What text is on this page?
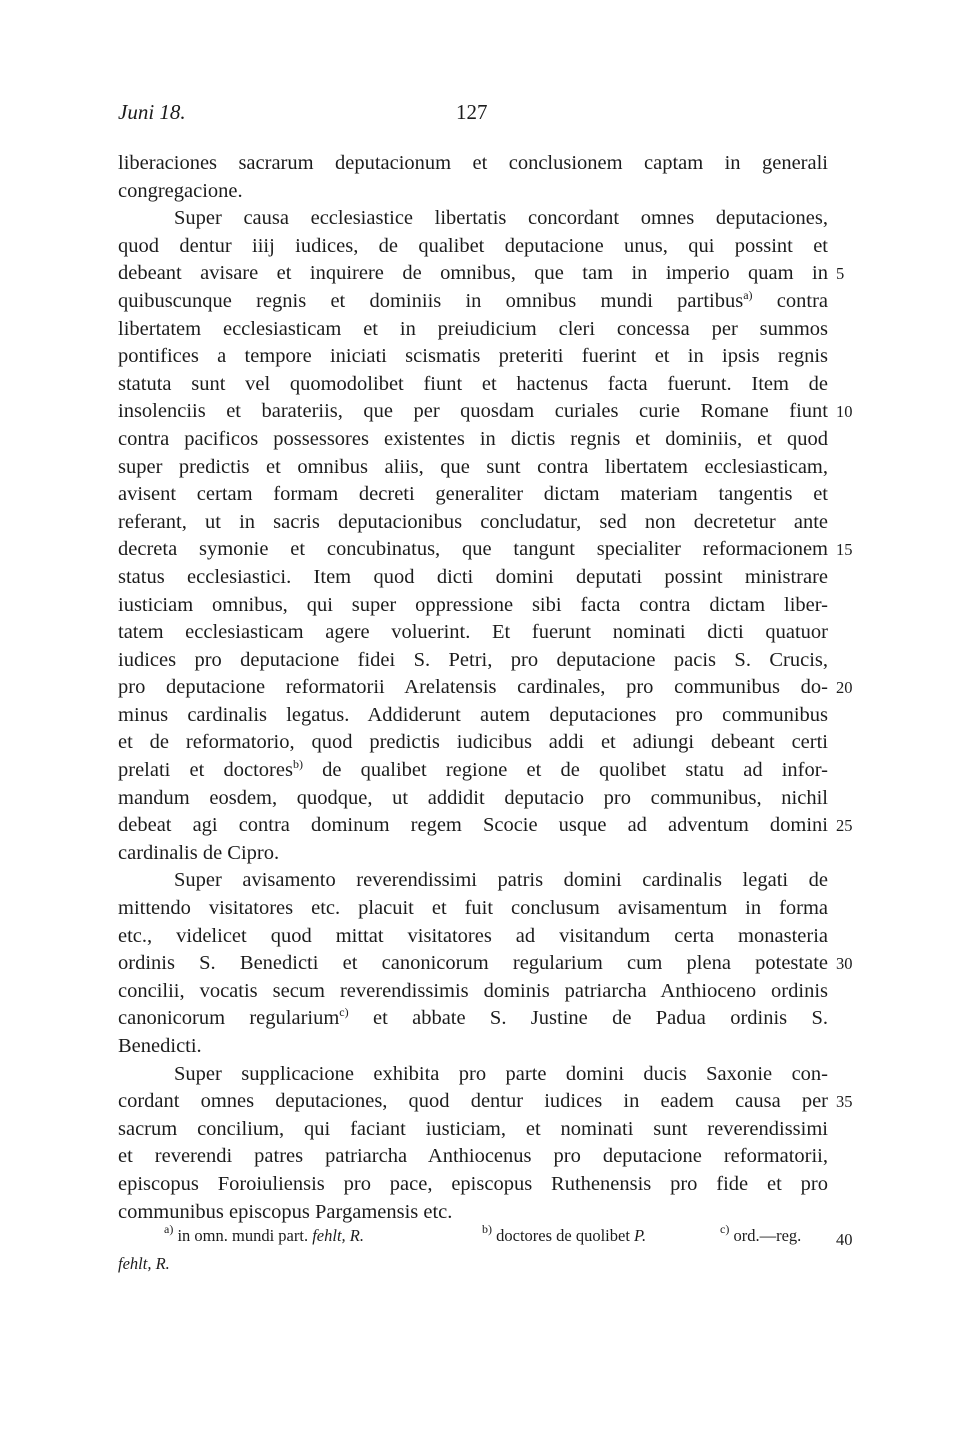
Juni 18.	127
liberaciones sacrarum deputacionum et conclusionem captam in generali
congregacione.
Super causa ecclesiastice libertatis concordant omnes deputaciones,
quod dentur iiij iudices, de qualibet deputacione unus, qui possint et
debeant avisare et inquirere de omnibus, que tam in imperio quam in
quibuscunque regnis et dominiis in omnibus mundi partibus$^{a)}$ contra
libertatem ecclesiasticam et in preiudicium cleri concessa per summos
pontifices a tempore iniciati scismatis preteriti fuerint et in ipsis regnis
statuta sunt vel quomodolibet fiunt et hactenus facta fuerunt. Item de
insolenciis et barateriis, que per quosdam curiales curie Romane fiunt
contra pacificos possessores existentes in dictis regnis et dominiis, et quod
super predictis et omnibus aliis, que sunt contra libertatem ecclesiasticam,
avisent certam formam decreti generaliter dictam materiam tangentis et
referant, ut in sacris deputacionibus concludatur, sed non decretetur ante
decreta symonie et concubinatus, que tangunt specialiter reformacionem
status ecclesiastici. Item quod dicti domini deputati possint ministrare
iusticiam omnibus, qui super oppressione sibi facta contra dictam liber-
tatem ecclesiasticam agere voluerint. Et fuerunt nominati dicti quatuor
iudices pro deputacione fidei S. Petri, pro deputacione pacis S. Crucis,
pro deputacione reformatorii Arelatensis cardinales, pro communibus do-
minus cardinalis legatus. Addiderunt autem deputaciones pro communibus
et de reformatorio, quod predictis iudicibus addi et adiungi debeant certi
prelati et doctores$^{b)}$ de qualibet regione et de quolibet statu ad infor-
mandum eosdem, quodque, ut addidit deputacio pro communibus, nichil
debeat agi contra dominum regem Scocie usque ad adventum domini
cardinalis de Cipro.
Super avisamento reverendissimi patris domini cardinalis legati de
mittendo visitatores etc. placuit et fuit conclusum avisamentum in forma
etc., videlicet quod mittat visitatores ad visitandum certa monasteria
ordinis S. Benedicti et canonicorum regularium cum plena potestate
concilii, vocatis secum reverendissimis dominis patriarcha Anthioceno ordinis
canonicorum regularium$^{c)}$ et abbate S. Justine de Padua ordinis S.
Benedicti.
Super supplicacione exhibita pro parte domini ducis Saxonie con-
cordant omnes deputaciones, quod dentur iudices in eadem causa per
sacrum concilium, qui faciant iusticiam, et nominati sunt reverendissimi
et reverendi patres patriarcha Anthiocenus pro deputacione reformatorii,
episcopus Foroiuliensis pro pace, episcopus Ruthenensis pro fide et pro
communibus episcopus Pargamensis etc.
5
10
15
20
25
30
35
40
$^{a)}$ in omn. mundi part. fehlt, R.	$^{b)}$ doctores de quolibet P.	$^{c)}$ ord.—reg.
fehlt, R.
